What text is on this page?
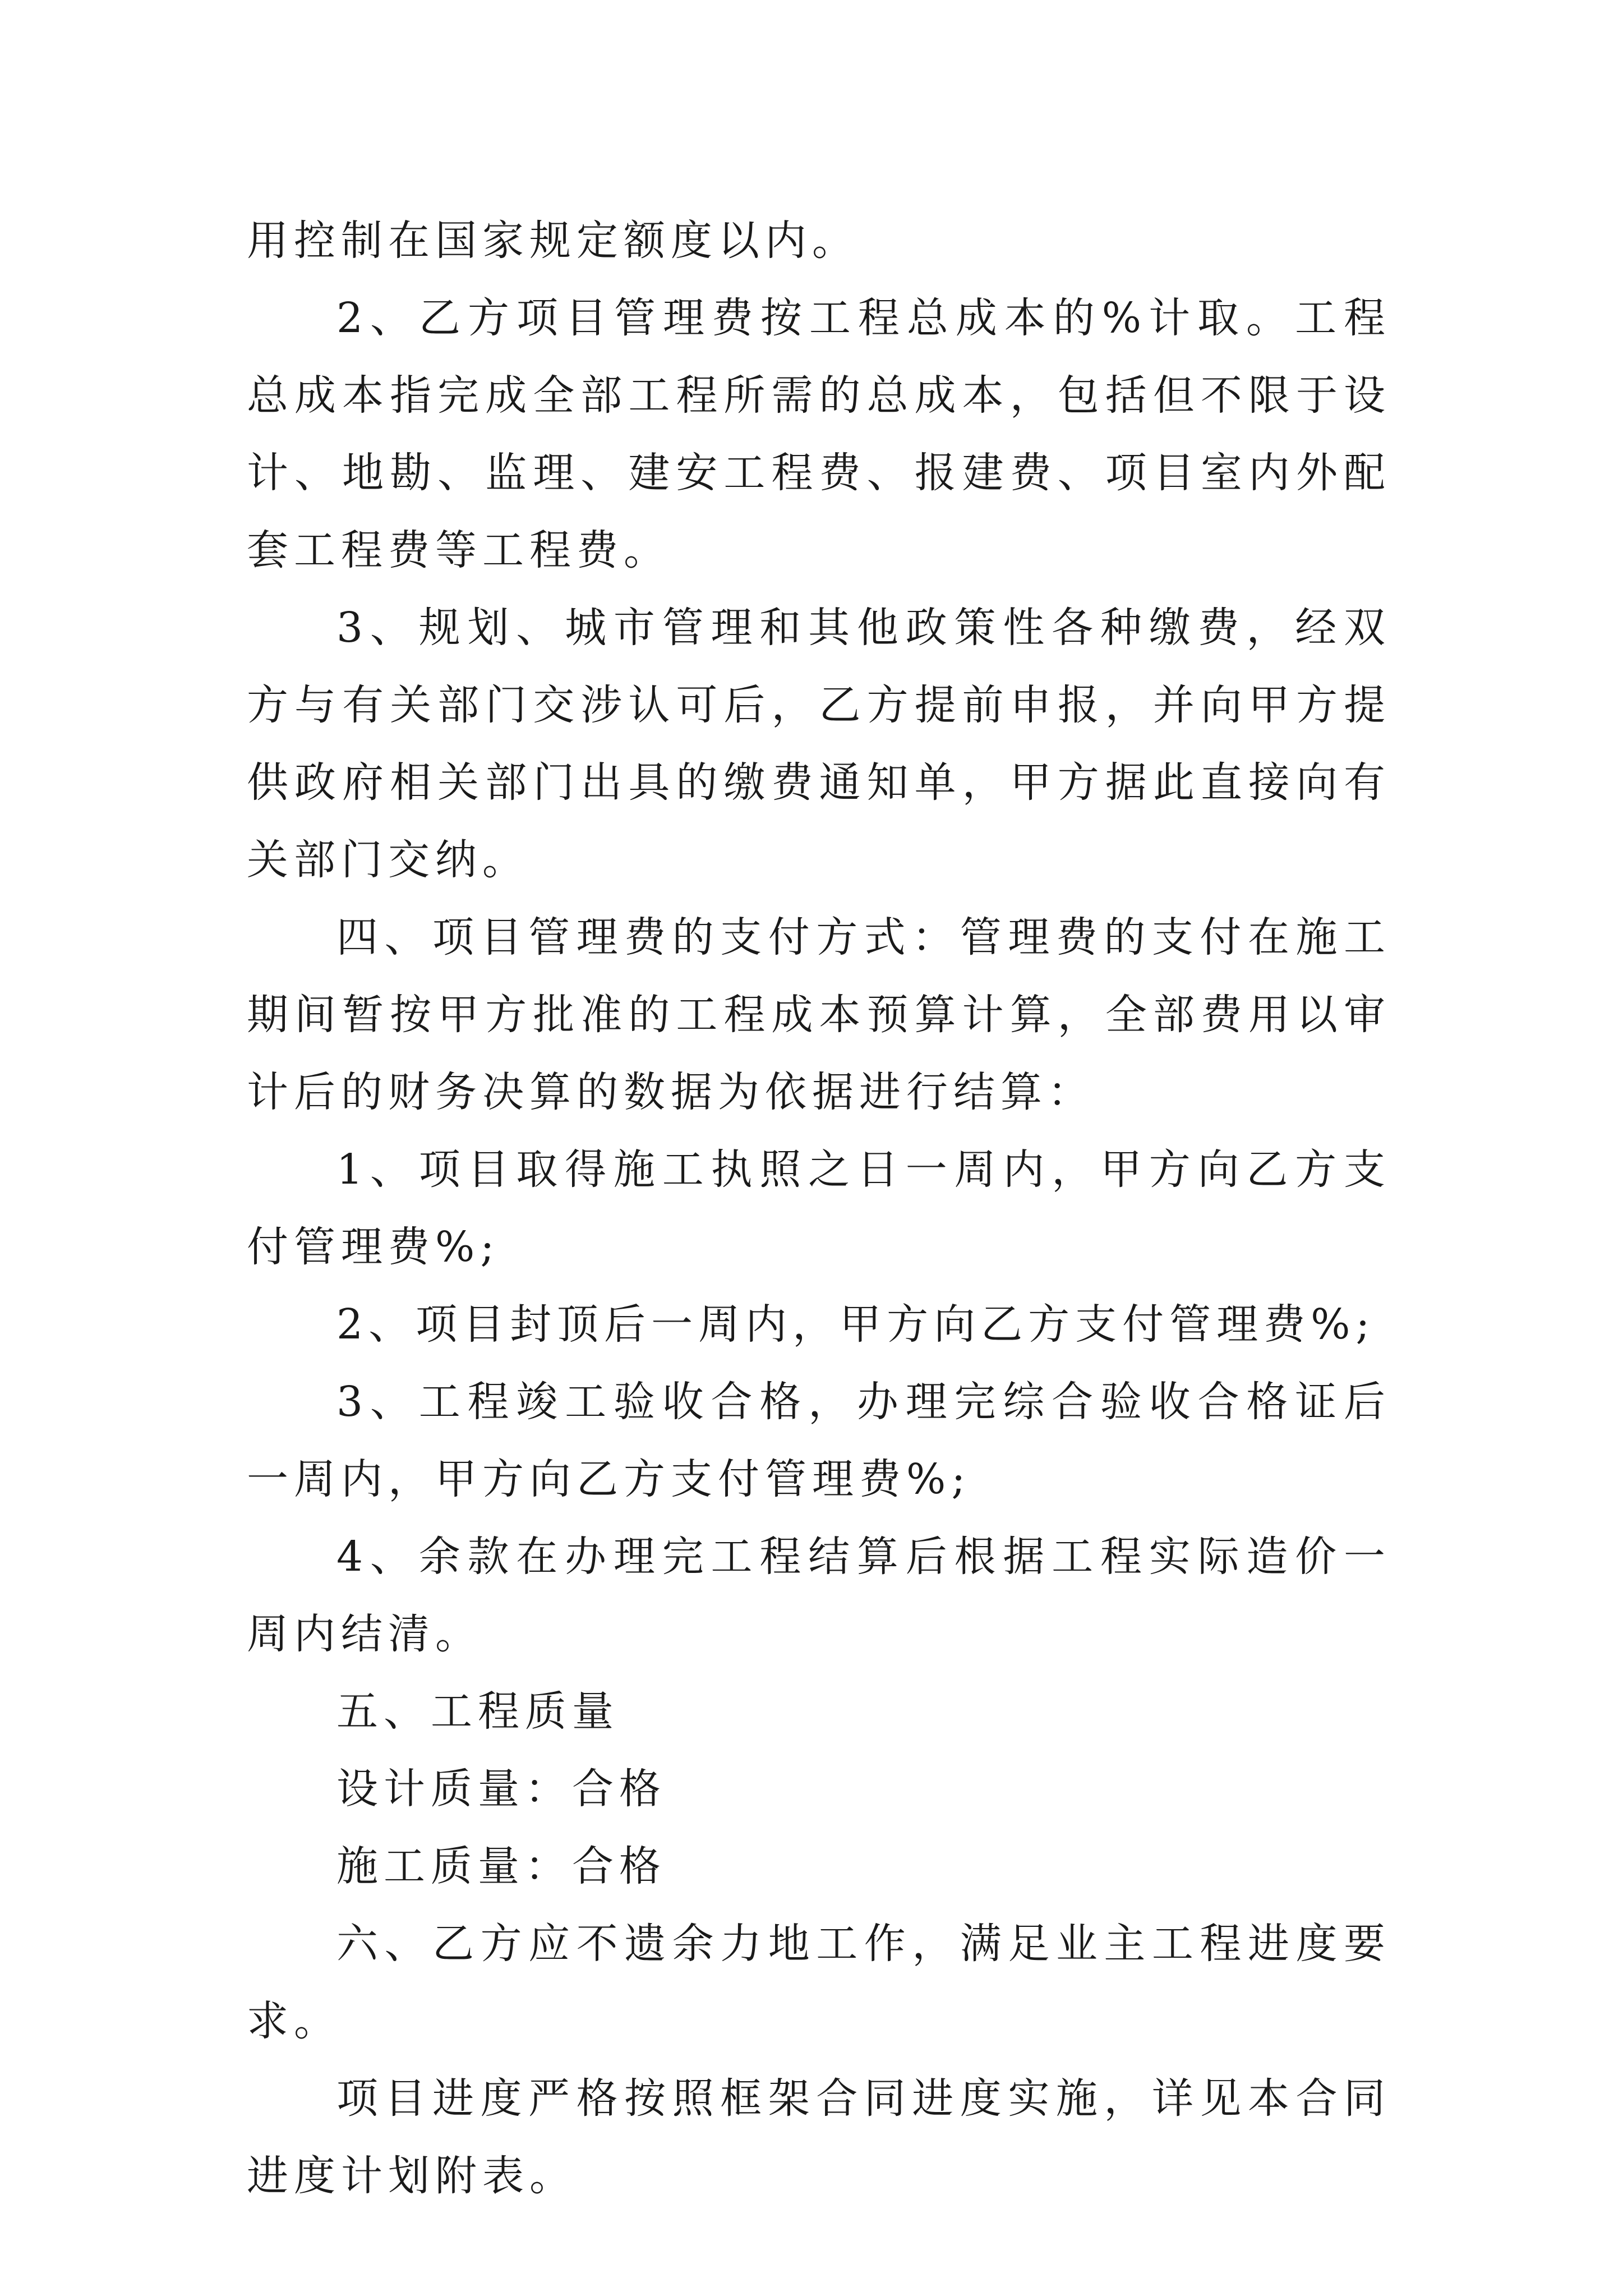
用控制在国家规定额度以内。

2、乙方项目管理费按工程总成本的%计取。工程总成本指完成全部工程所需的总成本，包括但不限于设计、地勘、监理、建安工程费、报建费、项目室内外配套工程费等工程费。

3、规划、城市管理和其他政策性各种缴费，经双方与有关部门交涉认可后，乙方提前申报，并向甲方提供政府相关部门出具的缴费通知单，甲方据此直接向有关部门交纳。

四、项目管理费的支付方式：管理费的支付在施工期间暂按甲方批准的工程成本预算计算，全部费用以审计后的财务决算的数据为依据进行结算：

1、项目取得施工执照之日一周内，甲方向乙方支付管理费%;

2、项目封顶后一周内，甲方向乙方支付管理费%;

3、工程竣工验收合格，办理完综合验收合格证后一周内，甲方向乙方支付管理费%;

4、余款在办理完工程结算后根据工程实际造价一周内结清。

五、工程质量

设计质量：合格

施工质量：合格

六、乙方应不遗余力地工作，满足业主工程进度要求。

项目进度严格按照框架合同进度实施，详见本合同进度计划附表。
